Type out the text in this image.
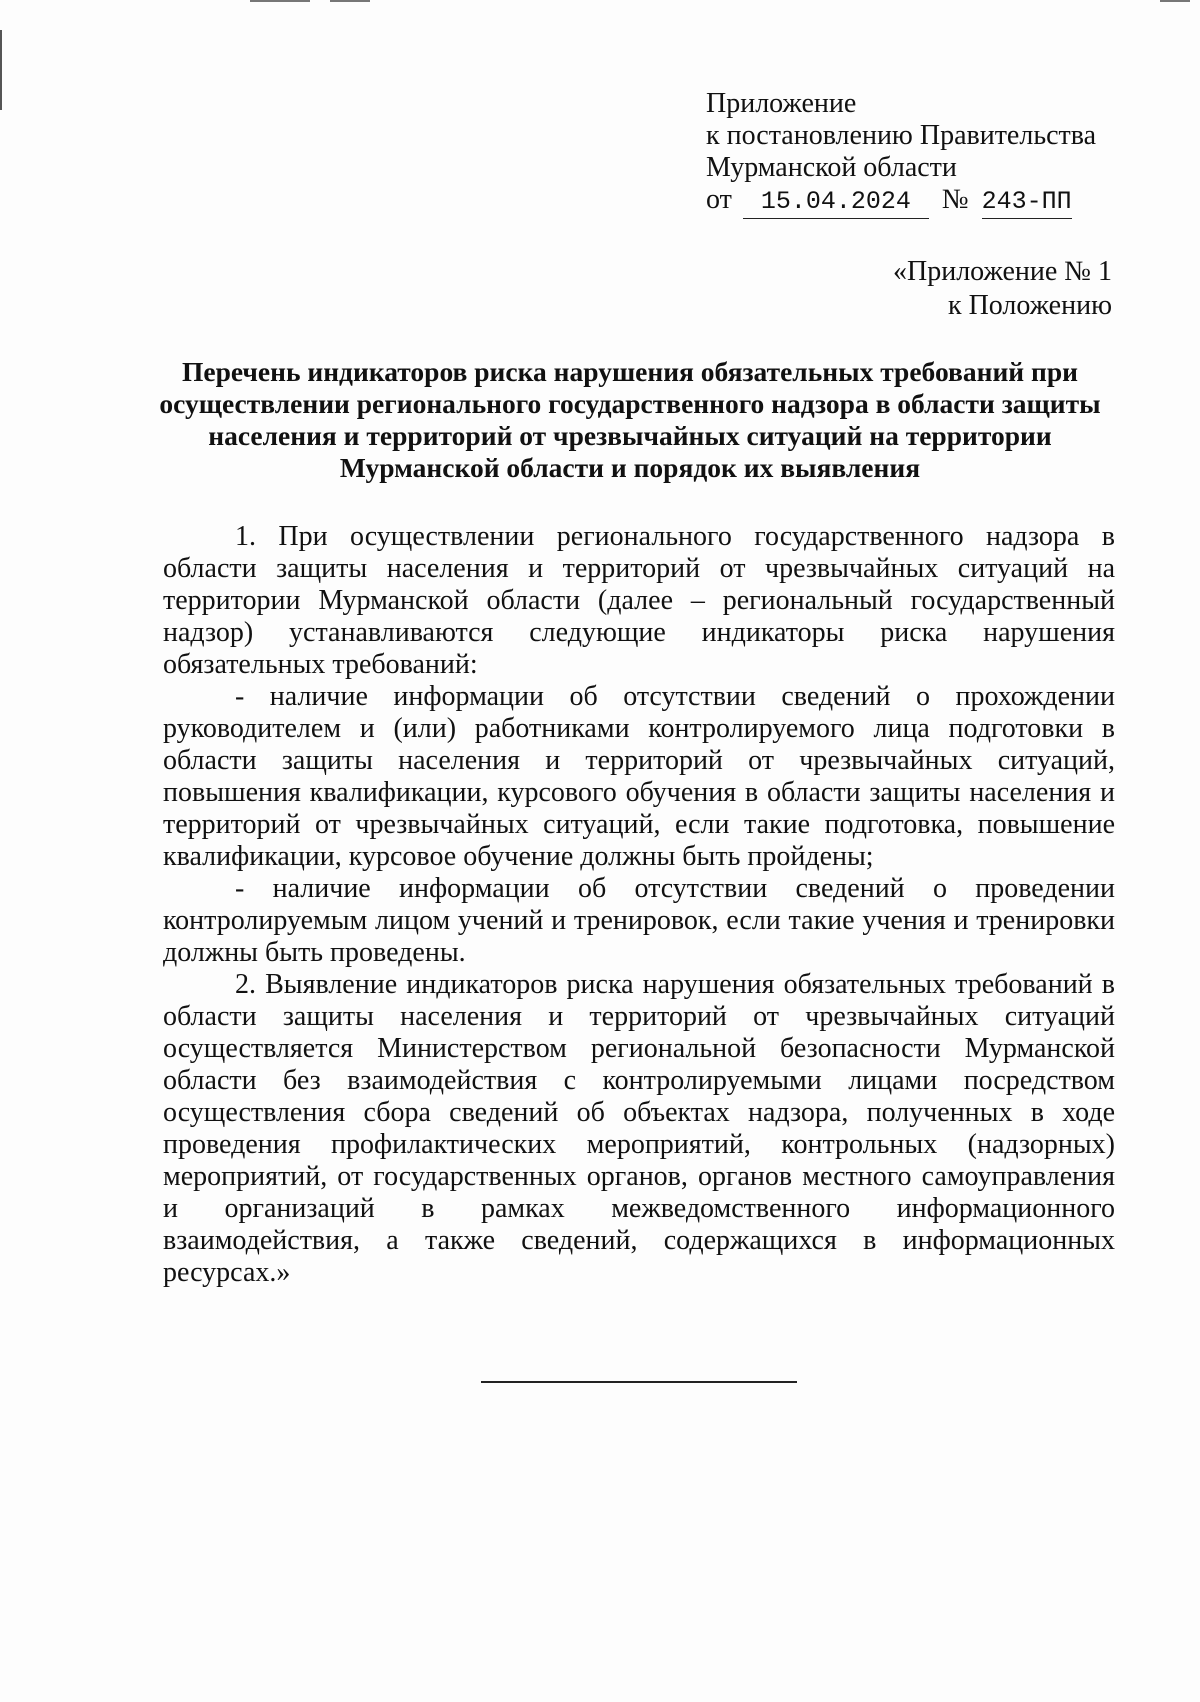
Приложение
к постановлению Правительства
Мурманской области
от 15.04.2024 № 243-ПП
«Приложение № 1
к Положению
Перечень индикаторов риска нарушения обязательных требований при осуществлении регионального государственного надзора в области защиты населения и территорий от чрезвычайных ситуаций на территории Мурманской области и порядок их выявления

1. При осуществлении регионального государственного надзора в области защиты населения и территорий от чрезвычайных ситуаций на территории Мурманской области (далее – региональный государственный надзор) устанавливаются следующие индикаторы риска нарушения обязательных требований:

- наличие информации об отсутствии сведений о прохождении руководителем и (или) работниками контролируемого лица подготовки в области защиты населения и территорий от чрезвычайных ситуаций, повышения квалификации, курсового обучения в области защиты населения и территорий от чрезвычайных ситуаций, если такие подготовка, повышение квалификации, курсовое обучение должны быть пройдены;

- наличие информации об отсутствии сведений о проведении контролируемым лицом учений и тренировок, если такие учения и тренировки должны быть проведены.

2. Выявление индикаторов риска нарушения обязательных требований в области защиты населения и территорий от чрезвычайных ситуаций осуществляется Министерством региональной безопасности Мурманской области без взаимодействия с контролируемыми лицами посредством осуществления сбора сведений об объектах надзора, полученных в ходе проведения профилактических мероприятий, контрольных (надзорных) мероприятий, от государственных органов, органов местного самоуправления и организаций в рамках межведомственного информационного взаимодействия, а также сведений, содержащихся в информационных ресурсах.»
